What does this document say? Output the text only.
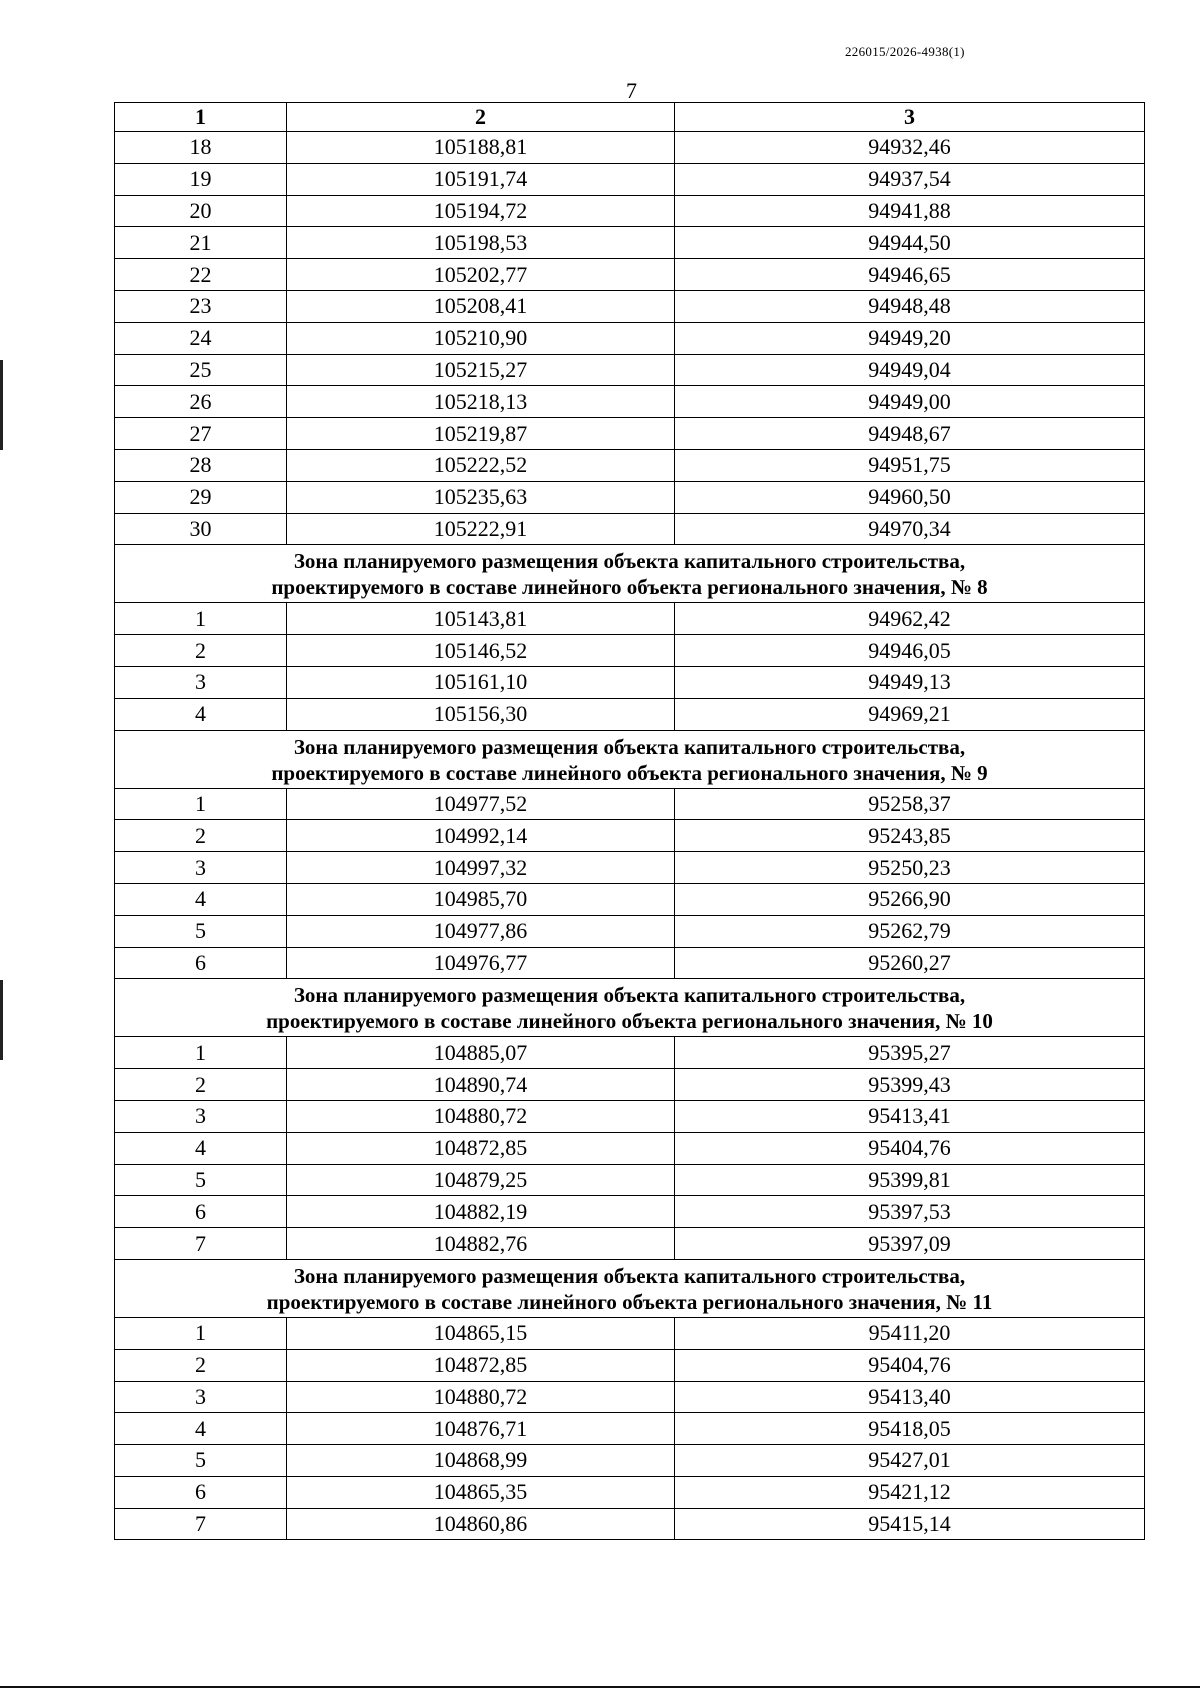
226015/2026-4938(1)
7
1	2	3
18	105188,81	94932,46
19	105191,74	94937,54
20	105194,72	94941,88
21	105198,53	94944,50
22	105202,77	94946,65
23	105208,41	94948,48
24	105210,90	94949,20
25	105215,27	94949,04
26	105218,13	94949,00
27	105219,87	94948,67
28	105222,52	94951,75
29	105235,63	94960,50
30	105222,91	94970,34

Зона планируемого размещения объекта капитального строительства,
проектируемого в составе линейного объекта регионального значения, № 8		

1	105143,81	94962,42
2	105146,52	94946,05
3	105161,10	94949,13
4	105156,30	94969,21

Зона планируемого размещения объекта капитального строительства,
проектируемого в составе линейного объекта регионального значения, № 9		

1	104977,52	95258,37
2	104992,14	95243,85
3	104997,32	95250,23
4	104985,70	95266,90
5	104977,86	95262,79
6	104976,77	95260,27

Зона планируемого размещения объекта капитального строительства,
проектируемого в составе линейного объекта регионального значения, № 10		

1	104885,07	95395,27
2	104890,74	95399,43
3	104880,72	95413,41
4	104872,85	95404,76
5	104879,25	95399,81
6	104882,19	95397,53
7	104882,76	95397,09

Зона планируемого размещения объекта капитального строительства,
проектируемого в составе линейного объекта регионального значения, № 11		

1	104865,15	95411,20
2	104872,85	95404,76
3	104880,72	95413,40
4	104876,71	95418,05
5	104868,99	95427,01
6	104865,35	95421,12
7	104860,86	95415,14
